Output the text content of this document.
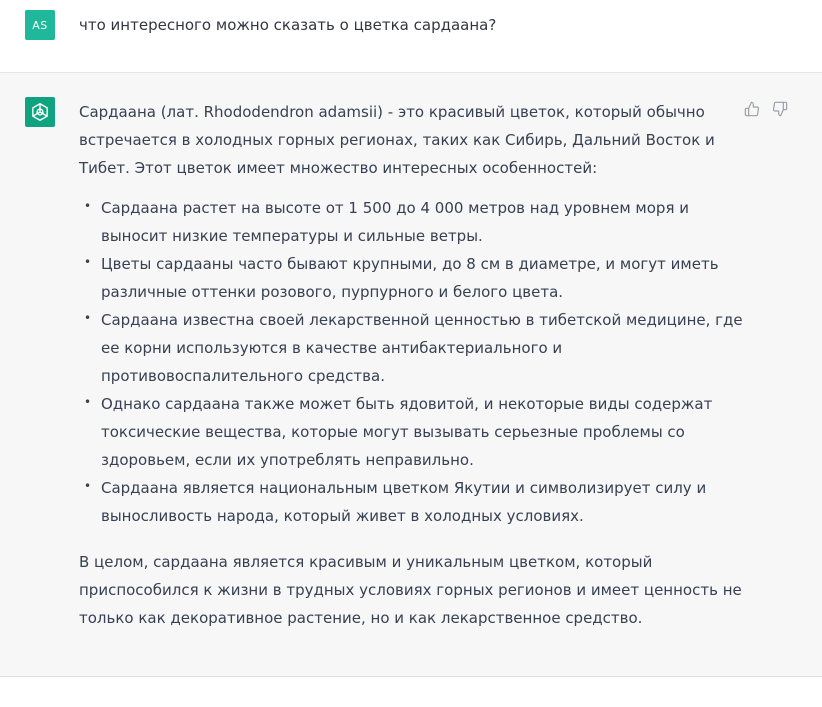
AS что интересного можно сказать о цветка сардаана?

Сардаана (лат. Rhododendron adamsii) - это красивый цветок, который обычно встречается в холодных горных регионах, таких как Сибирь, Дальний Восток и Тибет. Этот цветок имеет множество интересных особенностей:

• Сардаана растет на высоте от 1 500 до 4 000 метров над уровнем моря и выносит низкие температуры и сильные ветры.
• Цветы сардааны часто бывают крупными, до 8 см в диаметре, и могут иметь различные оттенки розового, пурпурного и белого цвета.
• Сардаана известна своей лекарственной ценностью в тибетской медицине, где ее корни используются в качестве антибактериального и противовоспалительного средства.
• Однако сардаана также может быть ядовитой, и некоторые виды содержат токсические вещества, которые могут вызывать серьезные проблемы со здоровьем, если их употреблять неправильно.
• Сардаана является национальным цветком Якутии и символизирует силу и выносливость народа, который живет в холодных условиях.

В целом, сардаана является красивым и уникальным цветком, который приспособился к жизни в трудных условиях горных регионов и имеет ценность не только как декоративное растение, но и как лекарственное средство.
